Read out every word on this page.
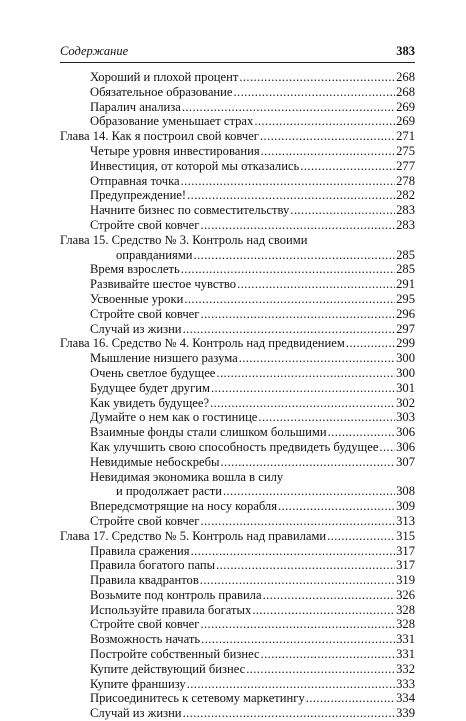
Содержание	383
Хороший и плохой процент .....	268
Обязательное образование .....	268
Паралич анализа .....	269
Образование уменьшает страх .....	269
Глава 14. Как я построил свой ковчег .....	271
Четыре уровня инвестирования .....	275
Инвестиция, от которой мы отказались .....	277
Отправная точка .....	278
Предупреждение! .....	282
Начните бизнес по совместительству .....	283
Стройте свой ковчег .....	283
Глава 15. Средство № 3. Контроль над своими
оправданиями .....	285
Время взрослеть .....	285
Развивайте шестое чувство .....	291
Усвоенные уроки .....	295
Стройте свой ковчег .....	296
Случай из жизни .....	297
Глава 16. Средство № 4. Контроль над предвидением .....	299
Мышление низшего разума .....	300
Очень светлое будущее .....	300
Будущее будет другим .....	301
Как увидеть будущее? .....	302
Думайте о нем как о гостинице .....	303
Взаимные фонды стали слишком большими .....	306
Как улучшить свою способность предвидеть будущее ..... 306
Невидимые небоскребы .....	307
Невидимая экономика вошла в силу
и продолжает расти .....	308
Впередсмотрящие на носу корабля .....	309
Стройте свой ковчег .....	313
Глава 17. Средство № 5. Контроль над правилами .....	315
Правила сражения .....	317
Правила богатого папы .....	317
Правила квадрантов .....	319
Возьмите под контроль правила .....	326
Используйте правила богатых .....	328
Стройте свой ковчег .....	328
Возможность начать .....	331
Постройте собственный бизнес .....	331
Купите действующий бизнес .....	332
Купите франшизу .....	333
Присоединитесь к сетевому маркетингу .....	334
Случай из жизни .....	339
